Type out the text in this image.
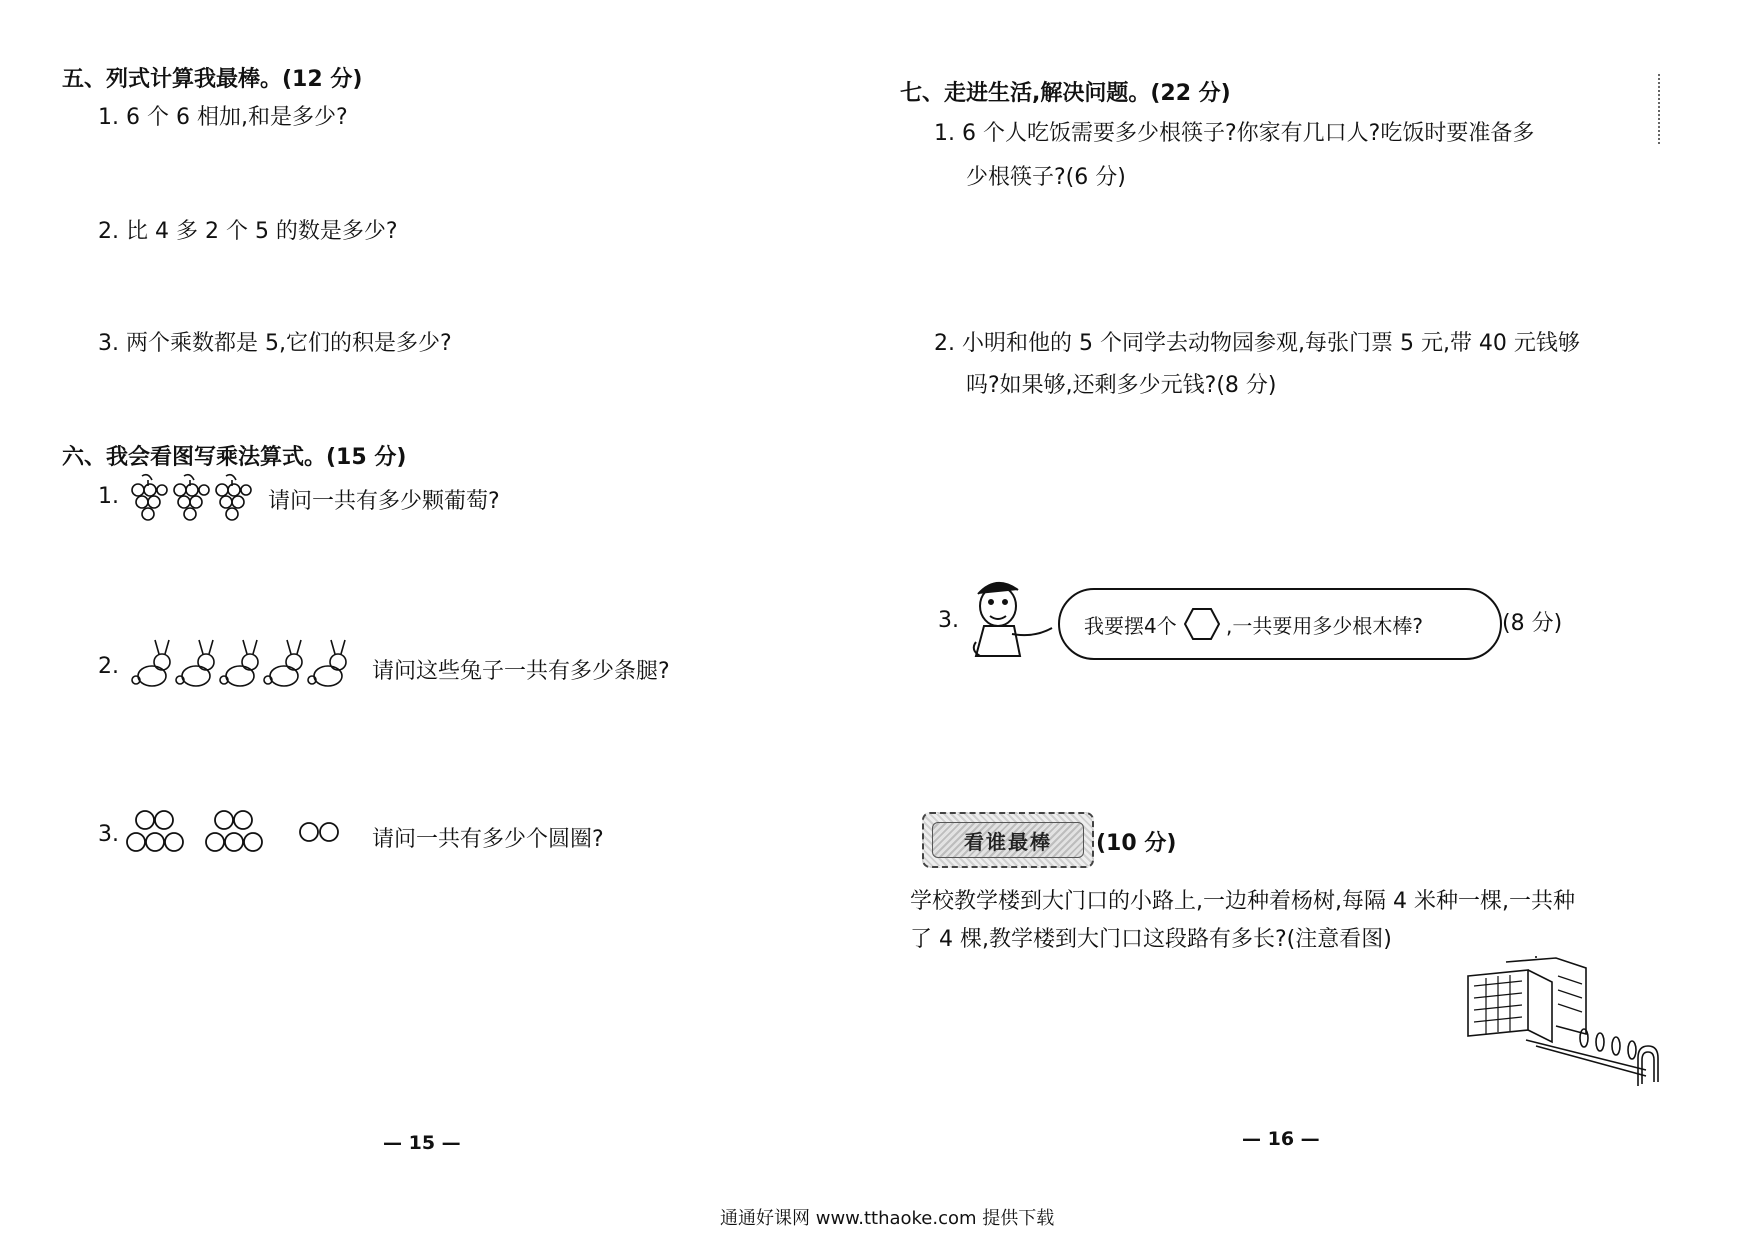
五、列式计算我最棒。(12 分)
1. 6 个 6 相加,和是多少?
2. 比 4 多 2 个 5 的数是多少?
3. 两个乘数都是 5,它们的积是多少?
六、我会看图写乘法算式。(15 分)
1.	请问一共有多少颗葡萄?
2.	请问这些兔子一共有多少条腿?
3.	请问一共有多少个圆圈?
— 15 —
七、走进生活,解决问题。(22 分)
1. 6 个人吃饭需要多少根筷子?你家有几口人?吃饭时要准备多
少根筷子?(6 分)
2. 小明和他的 5 个同学去动物园参观,每张门票 5 元,带 40 元钱够
吗?如果够,还剩多少元钱?(8 分)
3.	我要摆4个 ,一共要用多少根木棒?	(8 分)
看谁最棒 (10 分)
学校教学楼到大门口的小路上,一边种着杨树,每隔 4 米种一棵,一共种
了 4 棵,教学楼到大门口这段路有多长?(注意看图)
— 16 —
通通好课网 www.tthaoke.com 提供下载
